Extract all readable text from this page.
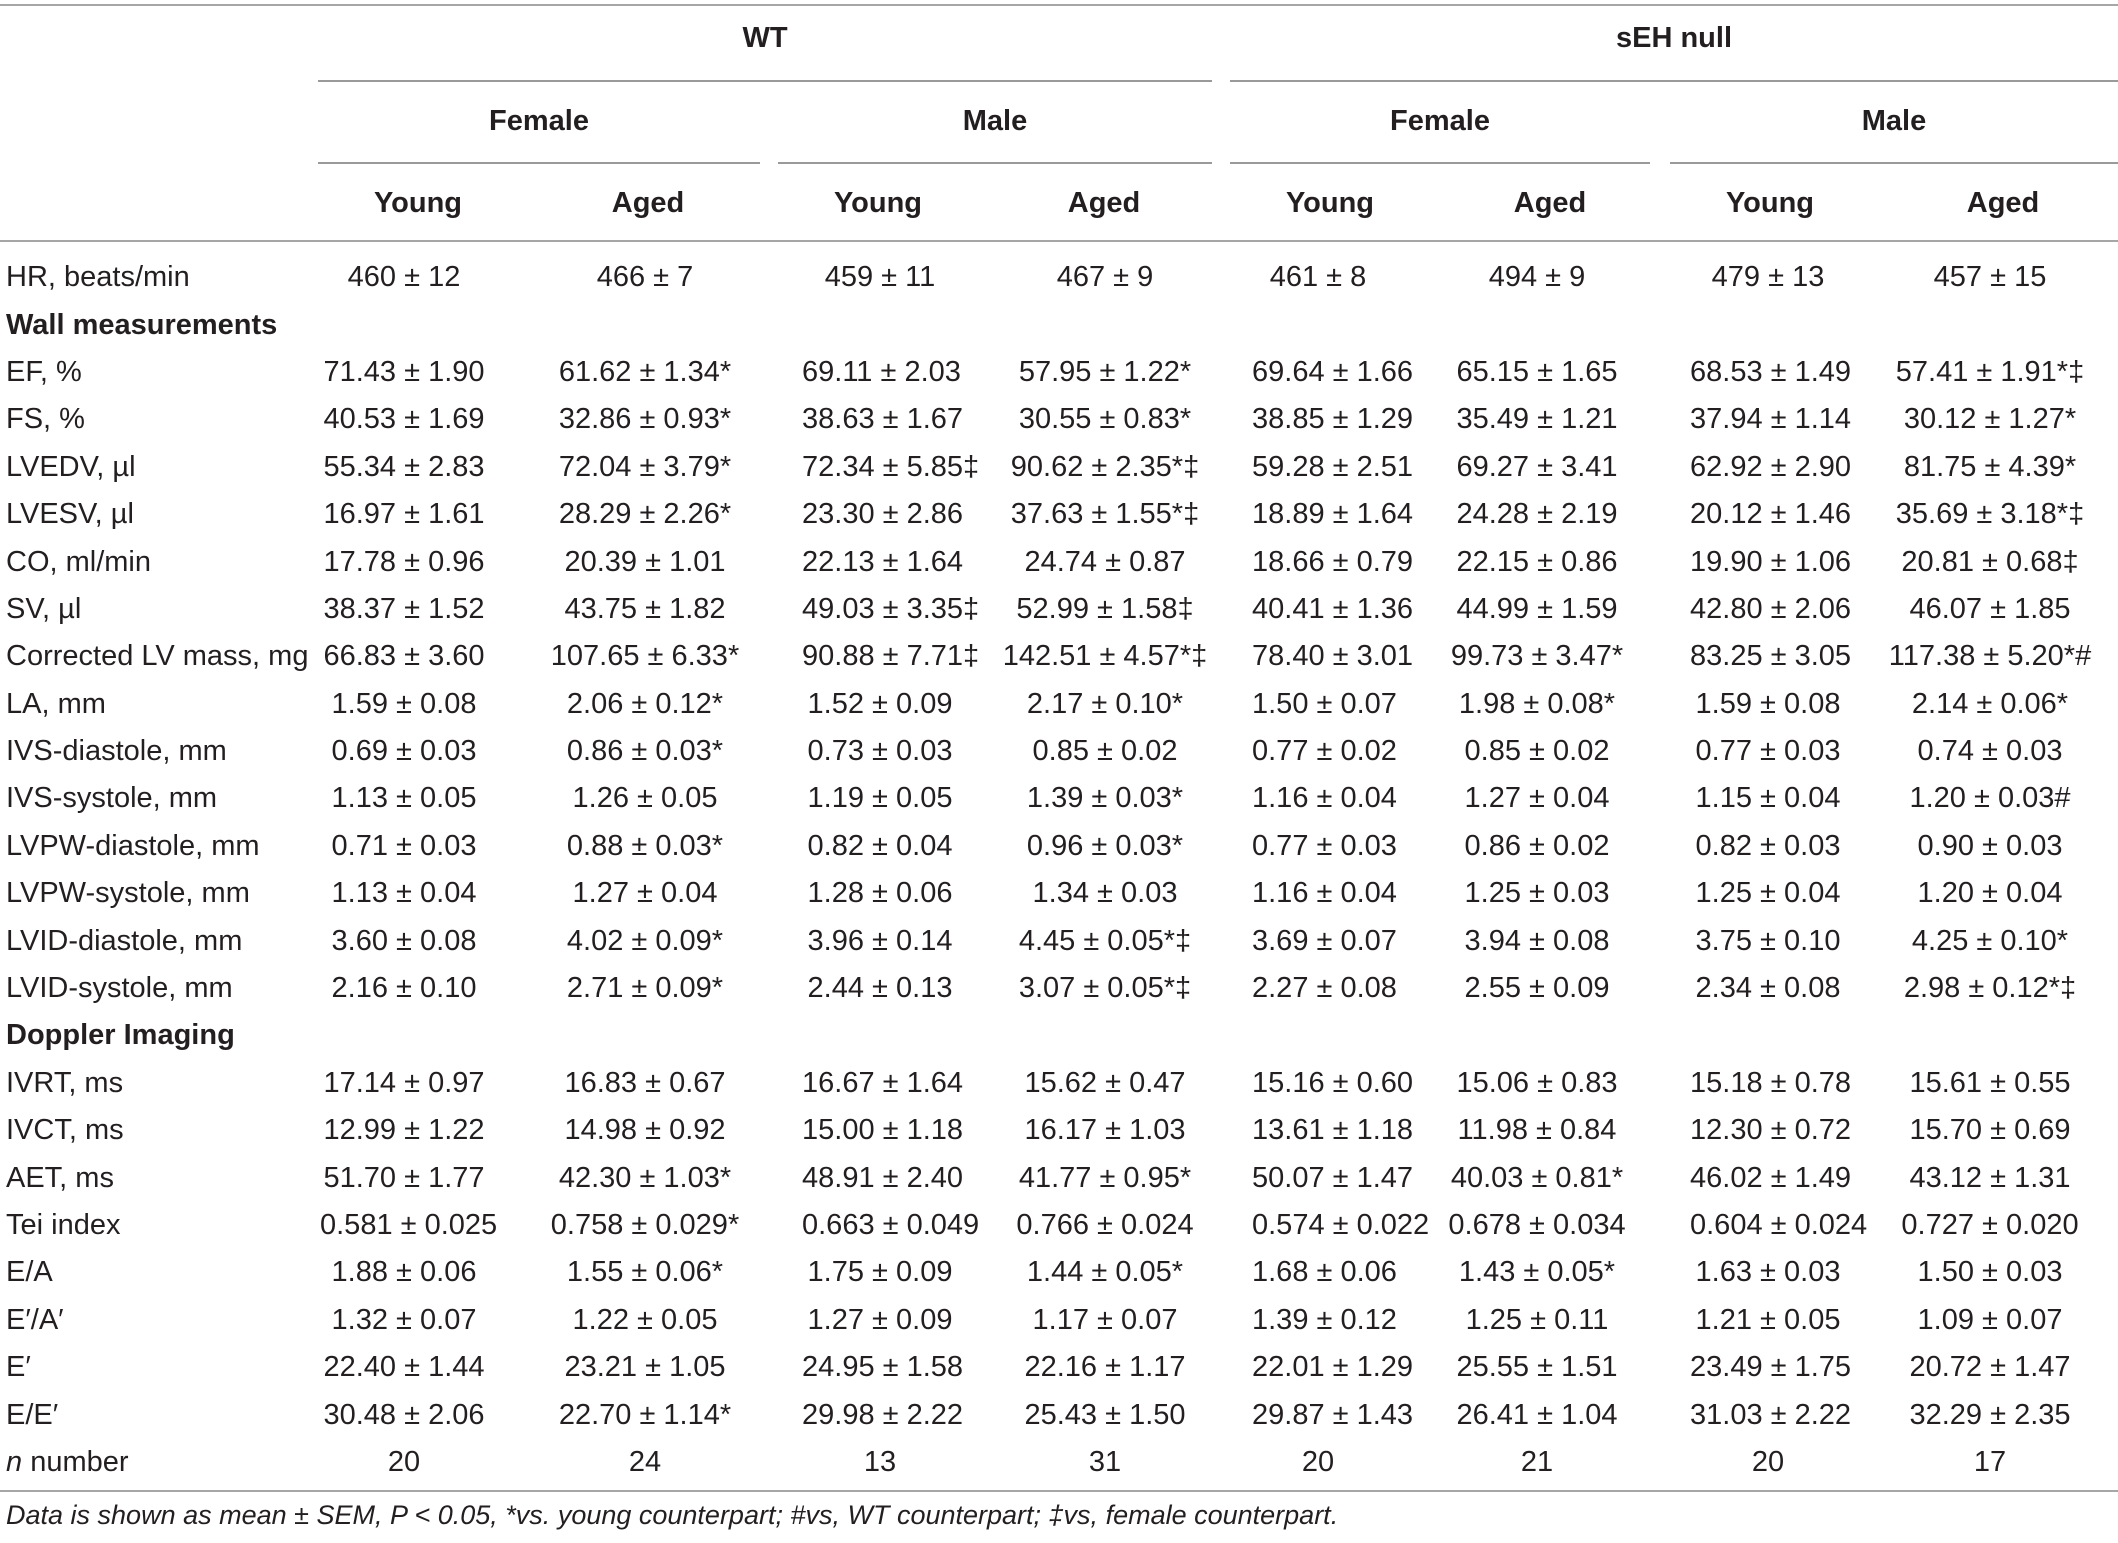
WT	sEH null
Female	Male	Female	Male
Young	Aged	Young	Aged	Young	Aged	Young	Aged
HR, beats/min	460 ± 12	466 ± 7	459 ± 11	467 ± 9	461 ± 8	494 ± 9	479 ± 13	457 ± 15
Wall measurements								
EF, %	71.43 ± 1.90	61.62 ± 1.34*	69.11 ± 2.03	57.95 ± 1.22*	69.64 ± 1.66	65.15 ± 1.65	68.53 ± 1.49	57.41 ± 1.91*‡
FS, %	40.53 ± 1.69	32.86 ± 0.93*	38.63 ± 1.67	30.55 ± 0.83*	38.85 ± 1.29	35.49 ± 1.21	37.94 ± 1.14	30.12 ± 1.27*
LVEDV, µl	55.34 ± 2.83	72.04 ± 3.79*	72.34 ± 5.85‡	90.62 ± 2.35*‡	59.28 ± 2.51	69.27 ± 3.41	62.92 ± 2.90	81.75 ± 4.39*
LVESV, µl	16.97 ± 1.61	28.29 ± 2.26*	23.30 ± 2.86	37.63 ± 1.55*‡	18.89 ± 1.64	24.28 ± 2.19	20.12 ± 1.46	35.69 ± 3.18*‡
CO, ml/min	17.78 ± 0.96	20.39 ± 1.01	22.13 ± 1.64	24.74 ± 0.87	18.66 ± 0.79	22.15 ± 0.86	19.90 ± 1.06	20.81 ± 0.68‡
SV, µl	38.37 ± 1.52	43.75 ± 1.82	49.03 ± 3.35‡	52.99 ± 1.58‡	40.41 ± 1.36	44.99 ± 1.59	42.80 ± 2.06	46.07 ± 1.85
Corrected LV mass, mg	66.83 ± 3.60	107.65 ± 6.33*	90.88 ± 7.71‡	142.51 ± 4.57*‡	78.40 ± 3.01	99.73 ± 3.47*	83.25 ± 3.05	117.38 ± 5.20*#
LA, mm	1.59 ± 0.08	2.06 ± 0.12*	1.52 ± 0.09	2.17 ± 0.10*	1.50 ± 0.07	1.98 ± 0.08*	1.59 ± 0.08	2.14 ± 0.06*
IVS-diastole, mm	0.69 ± 0.03	0.86 ± 0.03*	0.73 ± 0.03	0.85 ± 0.02	0.77 ± 0.02	0.85 ± 0.02	0.77 ± 0.03	0.74 ± 0.03
IVS-systole, mm	1.13 ± 0.05	1.26 ± 0.05	1.19 ± 0.05	1.39 ± 0.03*	1.16 ± 0.04	1.27 ± 0.04	1.15 ± 0.04	1.20 ± 0.03#
LVPW-diastole, mm	0.71 ± 0.03	0.88 ± 0.03*	0.82 ± 0.04	0.96 ± 0.03*	0.77 ± 0.03	0.86 ± 0.02	0.82 ± 0.03	0.90 ± 0.03
LVPW-systole, mm	1.13 ± 0.04	1.27 ± 0.04	1.28 ± 0.06	1.34 ± 0.03	1.16 ± 0.04	1.25 ± 0.03	1.25 ± 0.04	1.20 ± 0.04
LVID-diastole, mm	3.60 ± 0.08	4.02 ± 0.09*	3.96 ± 0.14	4.45 ± 0.05*‡	3.69 ± 0.07	3.94 ± 0.08	3.75 ± 0.10	4.25 ± 0.10*
LVID-systole, mm	2.16 ± 0.10	2.71 ± 0.09*	2.44 ± 0.13	3.07 ± 0.05*‡	2.27 ± 0.08	2.55 ± 0.09	2.34 ± 0.08	2.98 ± 0.12*‡
Doppler Imaging								
IVRT, ms	17.14 ± 0.97	16.83 ± 0.67	16.67 ± 1.64	15.62 ± 0.47	15.16 ± 0.60	15.06 ± 0.83	15.18 ± 0.78	15.61 ± 0.55
IVCT, ms	12.99 ± 1.22	14.98 ± 0.92	15.00 ± 1.18	16.17 ± 1.03	13.61 ± 1.18	11.98 ± 0.84	12.30 ± 0.72	15.70 ± 0.69
AET, ms	51.70 ± 1.77	42.30 ± 1.03*	48.91 ± 2.40	41.77 ± 0.95*	50.07 ± 1.47	40.03 ± 0.81*	46.02 ± 1.49	43.12 ± 1.31
Tei index	0.581 ± 0.025	0.758 ± 0.029*	0.663 ± 0.049	0.766 ± 0.024	0.574 ± 0.022	0.678 ± 0.034	0.604 ± 0.024	0.727 ± 0.020
E/A	1.88 ± 0.06	1.55 ± 0.06*	1.75 ± 0.09	1.44 ± 0.05*	1.68 ± 0.06	1.43 ± 0.05*	1.63 ± 0.03	1.50 ± 0.03
E′/A′	1.32 ± 0.07	1.22 ± 0.05	1.27 ± 0.09	1.17 ± 0.07	1.39 ± 0.12	1.25 ± 0.11	1.21 ± 0.05	1.09 ± 0.07
E′	22.40 ± 1.44	23.21 ± 1.05	24.95 ± 1.58	22.16 ± 1.17	22.01 ± 1.29	25.55 ± 1.51	23.49 ± 1.75	20.72 ± 1.47
E/E′	30.48 ± 2.06	22.70 ± 1.14*	29.98 ± 2.22	25.43 ± 1.50	29.87 ± 1.43	26.41 ± 1.04	31.03 ± 2.22	32.29 ± 2.35
n number	20	24	13	31	20	21	20	17
Data is shown as mean ± SEM, P < 0.05, *vs. young counterpart; #vs, WT counterpart; ‡vs, female counterpart.
